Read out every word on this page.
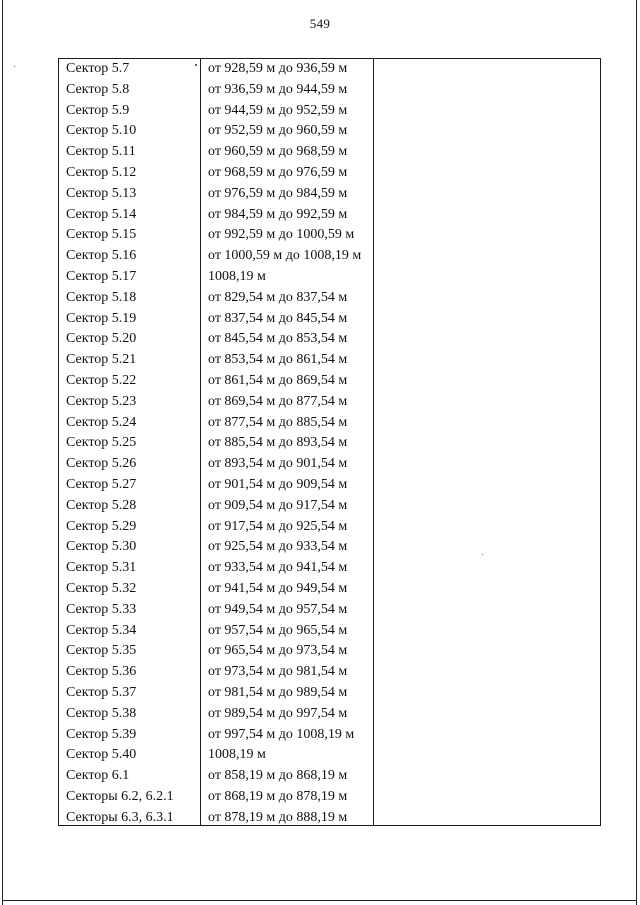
549
Сектор 5.7	от 928,59 м до 936,59 м
Сектор 5.8	от 936,59 м до 944,59 м
Сектор 5.9	от 944,59 м до 952,59 м
Сектор 5.10	от 952,59 м до 960,59 м
Сектор 5.11	от 960,59 м до 968,59 м
Сектор 5.12	от 968,59 м до 976,59 м
Сектор 5.13	от 976,59 м до 984,59 м
Сектор 5.14	от 984,59 м до 992,59 м
Сектор 5.15	от 992,59 м до 1000,59 м
Сектор 5.16	от 1000,59 м до 1008,19 м
Сектор 5.17	1008,19 м
Сектор 5.18	от 829,54 м до 837,54 м
Сектор 5.19	от 837,54 м до 845,54 м
Сектор 5.20	от 845,54 м до 853,54 м
Сектор 5.21	от 853,54 м до 861,54 м
Сектор 5.22	от 861,54 м до 869,54 м
Сектор 5.23	от 869,54 м до 877,54 м
Сектор 5.24	от 877,54 м до 885,54 м
Сектор 5.25	от 885,54 м до 893,54 м
Сектор 5.26	от 893,54 м до 901,54 м
Сектор 5.27	от 901,54 м до 909,54 м
Сектор 5.28	от 909,54 м до 917,54 м
Сектор 5.29	от 917,54 м до 925,54 м
Сектор 5.30	от 925,54 м до 933,54 м
Сектор 5.31	от 933,54 м до 941,54 м
Сектор 5.32	от 941,54 м до 949,54 м
Сектор 5.33	от 949,54 м до 957,54 м
Сектор 5.34	от 957,54 м до 965,54 м
Сектор 5.35	от 965,54 м до 973,54 м
Сектор 5.36	от 973,54 м до 981,54 м
Сектор 5.37	от 981,54 м до 989,54 м
Сектор 5.38	от 989,54 м до 997,54 м
Сектор 5.39	от 997,54 м до 1008,19 м
Сектор 5.40	1008,19 м
Сектор 6.1	от 858,19 м до 868,19 м
Секторы 6.2, 6.2.1 от 868,19 м до 878,19 м
Секторы 6.3, 6.3.1 от 878,19 м до 888,19 м
